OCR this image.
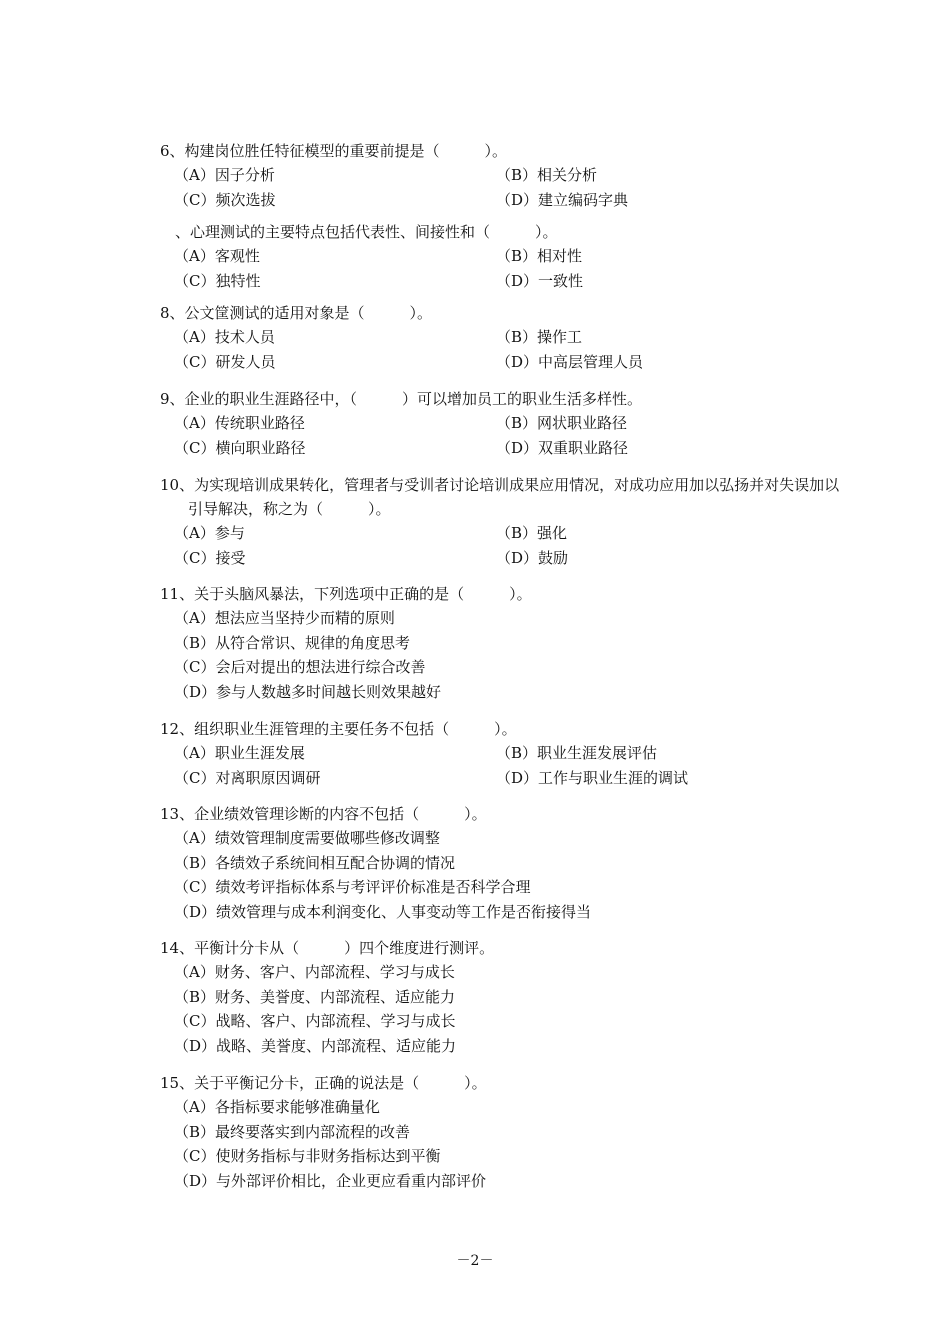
6、构建岗位胜任特征模型的重要前提是（　　　）。
（A）因子分析	（B）相关分析
（C）频次选拔	（D）建立编码字典
　、心理测试的主要特点包括代表性、间接性和（　　　）。
（A）客观性	（B）相对性
（C）独特性	（D）一致性
8、公文筐测试的适用对象是（　　　）。
（A）技术人员	（B）操作工
（C）研发人员	（D）中高层管理人员
9、企业的职业生涯路径中，（　　　）可以增加员工的职业生活多样性。
（A）传统职业路径	（B）网状职业路径
（C）横向职业路径	（D）双重职业路径
10、为实现培训成果转化，管理者与受训者讨论培训成果应用情况，对成功应用加以弘扬并对失误加以引导解决，称之为（　　　）。
（A）参与	（B）强化
（C）接受	（D）鼓励
11、关于头脑风暴法，下列选项中正确的是（　　　）。
（A）想法应当坚持少而精的原则
（B）从符合常识、规律的角度思考
（C）会后对提出的想法进行综合改善
（D）参与人数越多时间越长则效果越好
12、组织职业生涯管理的主要任务不包括（　　　）。
（A）职业生涯发展	（B）职业生涯发展评估
（C）对离职原因调研	（D）工作与职业生涯的调试
13、企业绩效管理诊断的内容不包括（　　　）。
（A）绩效管理制度需要做哪些修改调整
（B）各绩效子系统间相互配合协调的情况
（C）绩效考评指标体系与考评评价标准是否科学合理
（D）绩效管理与成本利润变化、人事变动等工作是否衔接得当
14、平衡计分卡从（　　　）四个维度进行测评。
（A）财务、客户、内部流程、学习与成长
（B）财务、美誉度、内部流程、适应能力
（C）战略、客户、内部流程、学习与成长
（D）战略、美誉度、内部流程、适应能力
15、关于平衡记分卡，正确的说法是（　　　）。
（A）各指标要求能够准确量化
（B）最终要落实到内部流程的改善
（C）使财务指标与非财务指标达到平衡
（D）与外部评价相比，企业更应看重内部评价
－2－
